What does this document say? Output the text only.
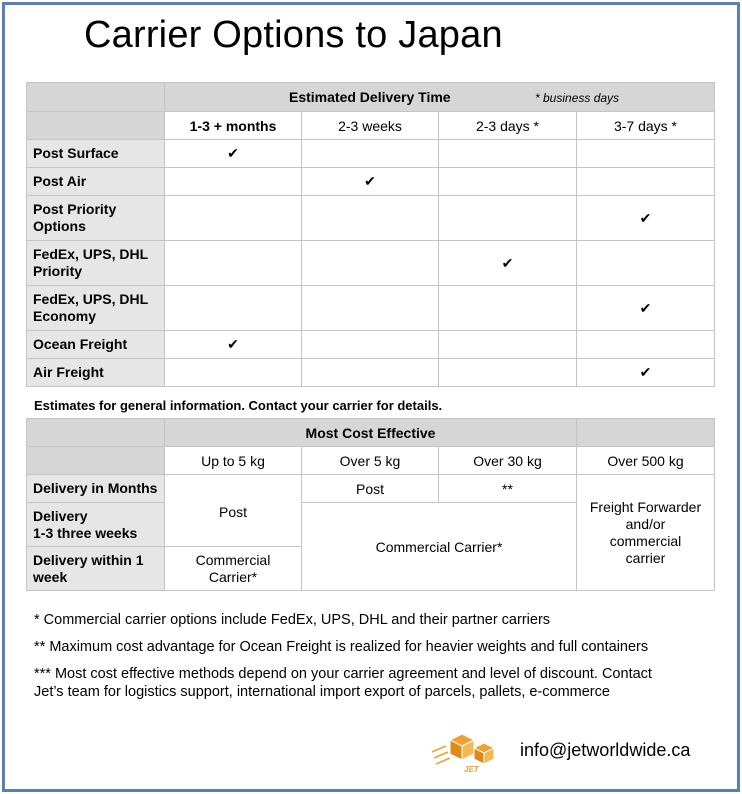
Carrier Options to Japan

	Estimated Delivery Time * business days			

	1-3 + months	2-3 weeks	2-3 days *	3-7 days *
Post Surface	✔			
Post Air		✔		
Post Priority Options				✔
FedEx, UPS, DHL Priority			✔	
FedEx, UPS, DHL Economy				✔
Ocean Freight	✔			
Air Freight				✔
Estimates for general information. Contact your carrier for details.
	Most Cost Effective			
	Up to 5 kg	Over 5 kg	Over 30 kg	Over 500 kg
Delivery in Months	Post	Post	**	Freight Forwarder and/or commercial carrier
Delivery
1-3 three weeks		Commercial Carrier*		
Delivery within 1 week	Commercial Carrier*			
* Commercial carrier options include FedEx, UPS, DHL and their partner carriers
** Maximum cost advantage for Ocean Freight is realized for heavier weights and full containers
*** Most cost effective methods depend on your carrier agreement and level of discount. Contact
Jet’s team for logistics support, international import export of parcels, pallets, e-commerce
JET
info@jetworldwide.ca
